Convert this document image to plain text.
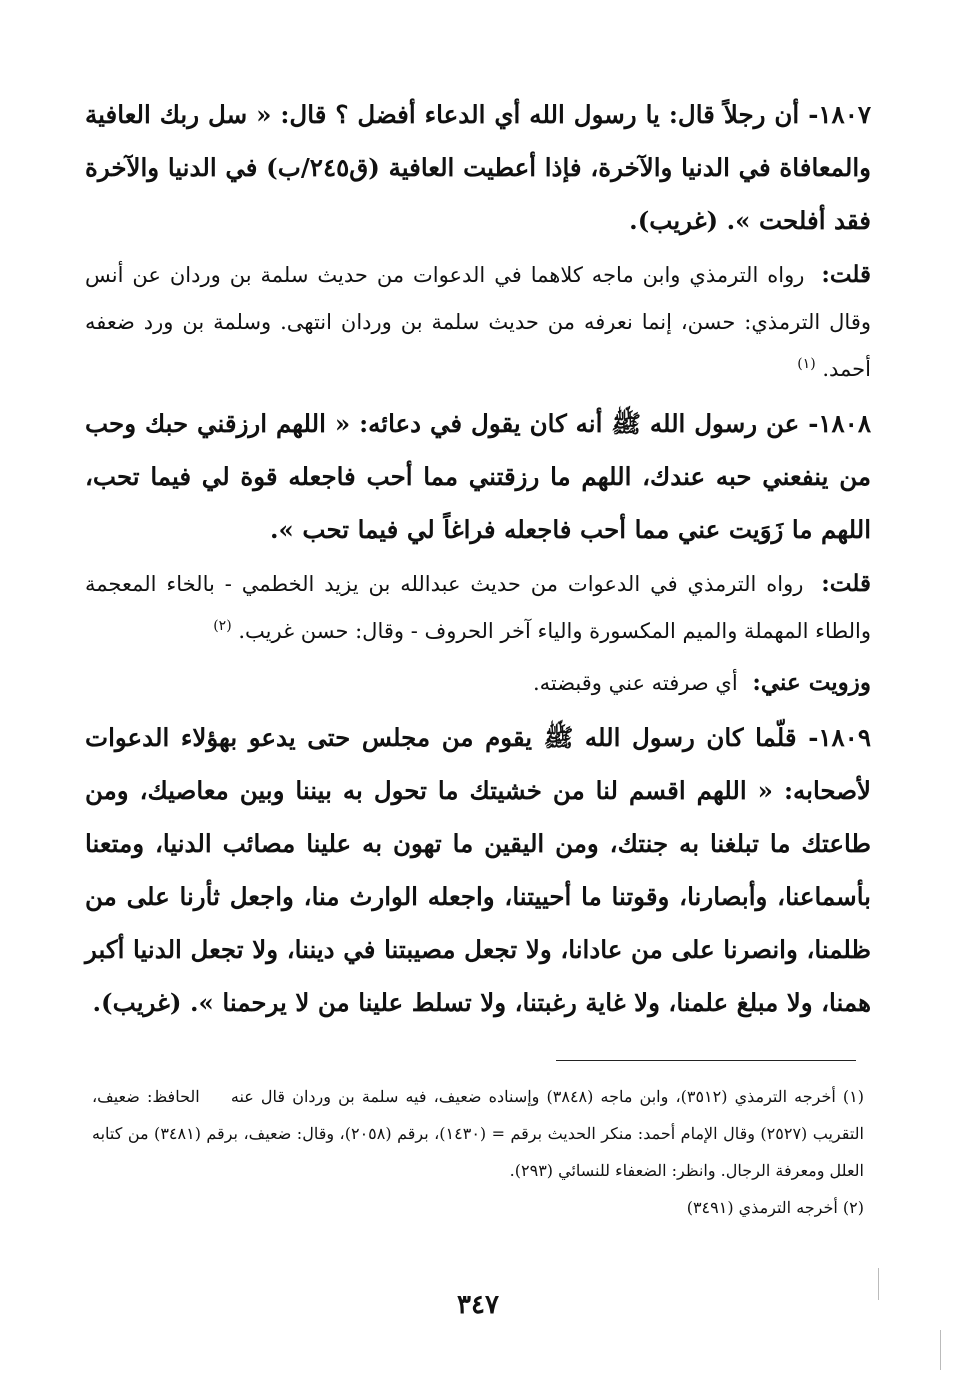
١٨٠٧- أن رجلاً قال: يا رسول الله أي الدعاء أفضل ؟ قال: « سل ربك العافية والمعافاة في الدنيا والآخرة، فإذا أعطيت العافية (ق٢٤٥/ب) في الدنيا والآخرة فقد أفلحت ». (غريب).

قلت: رواه الترمذي وابن ماجه كلاهما في الدعوات من حديث سلمة بن وردان عن أنس وقال الترمذي: حسن، إنما نعرفه من حديث سلمة بن وردان انتهى. وسلمة بن ورد ضعفه أحمد. $^{(١)}$

١٨٠٨- عن رسول الله ﷺ أنه كان يقول في دعائه: « اللهم ارزقني حبك وحب من ينفعني حبه عندك، اللهم ما رزقتني مما أحب فاجعله قوة لي فيما تحب، اللهم ما زَوَيت عني مما أحب فاجعله فراغاً لي فيما تحب ».

قلت: رواه الترمذي في الدعوات من حديث عبدالله بن يزيد الخطمي - بالخاء المعجمة والطاء المهملة والميم المكسورة والياء آخر الحروف - وقال: حسن غريب. $^{(٢)}$

وزويت عني: أي صرفته عني وقبضته.

١٨٠٩- قلّما كان رسول الله ﷺ يقوم من مجلس حتى يدعو بهؤلاء الدعوات لأصحابه: « اللهم اقسم لنا من خشيتك ما تحول به بيننا وبين معاصيك، ومن طاعتك ما تبلغنا به جنتك، ومن اليقين ما تهون به علينا مصائب الدنيا، ومتعنا بأسماعنا، وأبصارنا، وقوتنا ما أحييتنا، واجعله الوارث منا، واجعل ثأرنا على من ظلمنا، وانصرنا على من عادانا، ولا تجعل مصيبتنا في ديننا، ولا تجعل الدنيا أكبر همنا، ولا مبلغ علمنا، ولا غاية رغبتنا، ولا تسلط علينا من لا يرحمنا ». (غريب).

(١) أخرجه الترمذي (٣٥١٢)، وابن ماجه (٣٨٤٨) وإسناده ضعيف، فيه سلمة بن وردان قال عنه الحافظ: ضعيف، التقريب (٢٥٢٧) وقال الإمام أحمد: منكر الحديث برقم = (١٤٣٠)، برقم (٢٠٥٨)، وقال: ضعيف، برقم (٣٤٨١) من كتابه العلل ومعرفة الرجال. وانظر: الضعفاء للنسائي (٢٩٣).

(٢) أخرجه الترمذي (٣٤٩١)

٣٤٧
